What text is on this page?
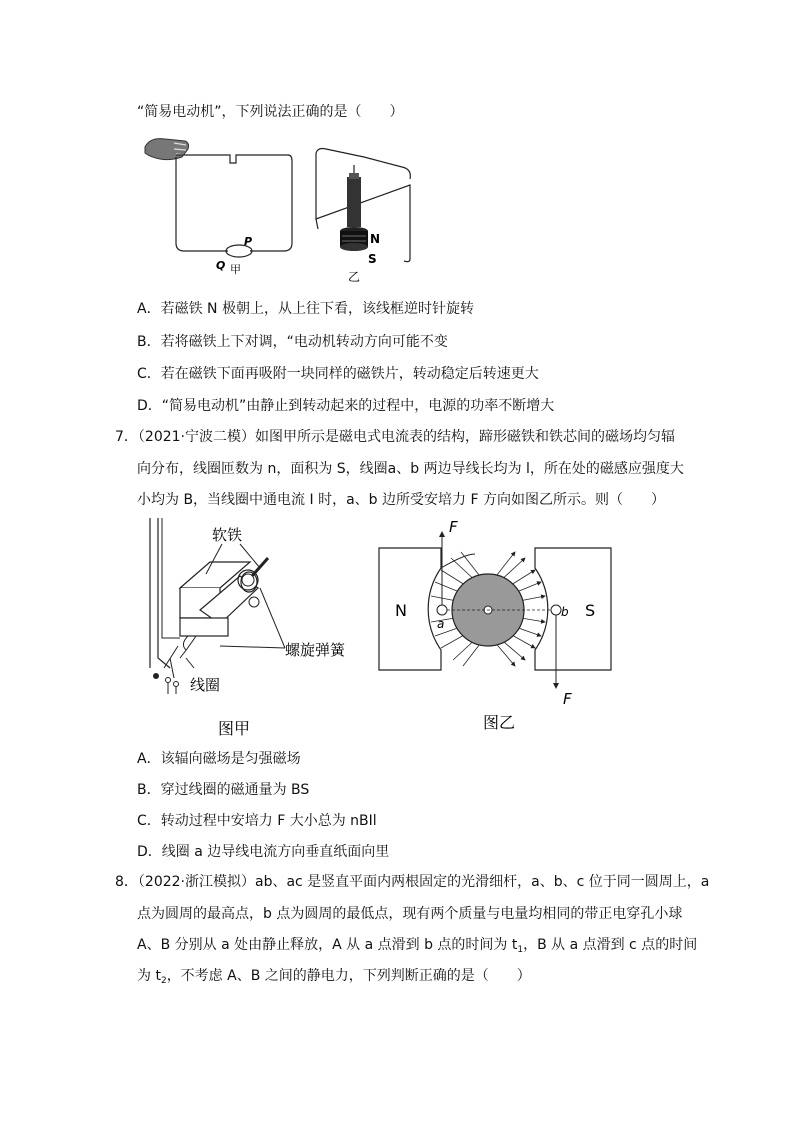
“简易电动机”，下列说法正确的是（　　）
P
Q 甲
N
S
乙
A．若磁铁 N 极朝上，从上往下看，该线框逆时针旋转
B．若将磁铁上下对调，“电动机转动方向可能不变
C．若在磁铁下面再吸附一块同样的磁铁片，转动稳定后转速更大
D．“简易电动机”由静止到转动起来的过程中，电源的功率不断增大
7．（2021·宁波二模）如图甲所示是磁电式电流表的结构，蹄形磁铁和铁芯间的磁场均匀辐
向分布，线圈匝数为 n，面积为 S，线圈a、b 两边导线长均为 l，所在处的磁感应强度大
小均为 B，当线圈中通电流 I 时，a、b 边所受安培力 F 方向如图乙所示。则（　　）
软铁
螺旋弹簧
线圈
图甲
a
b
F
F
N	S
图乙
A．该辐向磁场是匀强磁场
B．穿过线圈的磁通量为 BS
C．转动过程中安培力 F 大小总为 nBIl
D．线圈 a 边导线电流方向垂直纸面向里
8．（2022·浙江模拟）ab、ac 是竖直平面内两根固定的光滑细杆，a、b、c 位于同一圆周上，a
点为圆周的最高点，b 点为圆周的最低点，现有两个质量与电量均相同的带正电穿孔小球
A、B 分别从 a 处由静止释放，A 从 a 点滑到 b 点的时间为 $t_1$，B 从 a 点滑到 c 点的时间
为 $t_2$，不考虑 A、B 之间的静电力，下列判断正确的是（　　）
